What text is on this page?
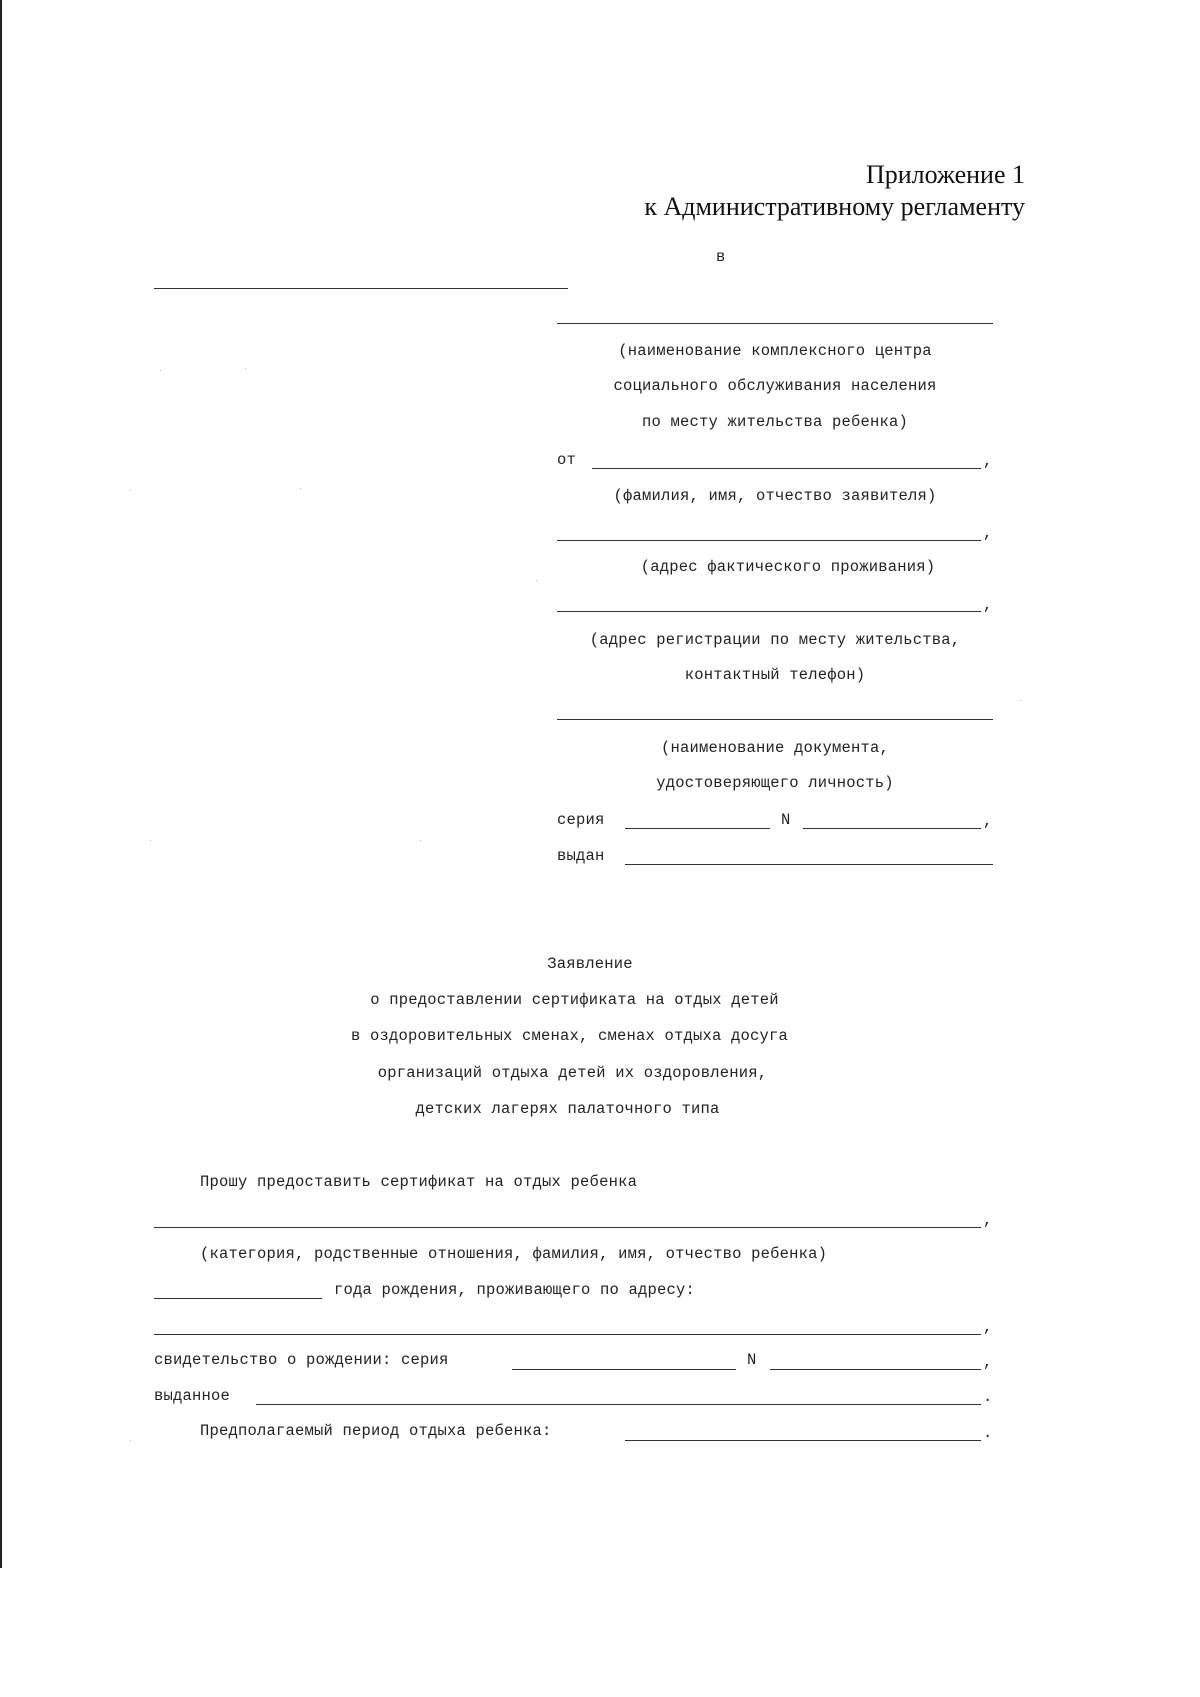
Приложение 1
к Административному регламенту
в
(наименование комплексного центра
социального обслуживания населения
по месту жительства ребенка)
от	,
(фамилия, имя, отчество заявителя)
,
(адрес фактического проживания)
,
(адрес регистрации по месту жительства,
контактный телефон)
(наименование документа,
удостоверяющего личность)
серия	N	,
выдан
Заявление
о предоставлении сертификата на отдых детей
в оздоровительных сменах, сменах отдыха досуга
организаций отдыха детей их оздоровления,
детских лагерях палаточного типа
Прошу предоставить сертификат на отдых ребенка
,
(категория, родственные отношения, фамилия, имя, отчество ребенка)
года рождения, проживающего по адресу:
,
свидетельство о рождении: серия	N	,
выданное	.
Предполагаемый период отдыха ребенка:	.
